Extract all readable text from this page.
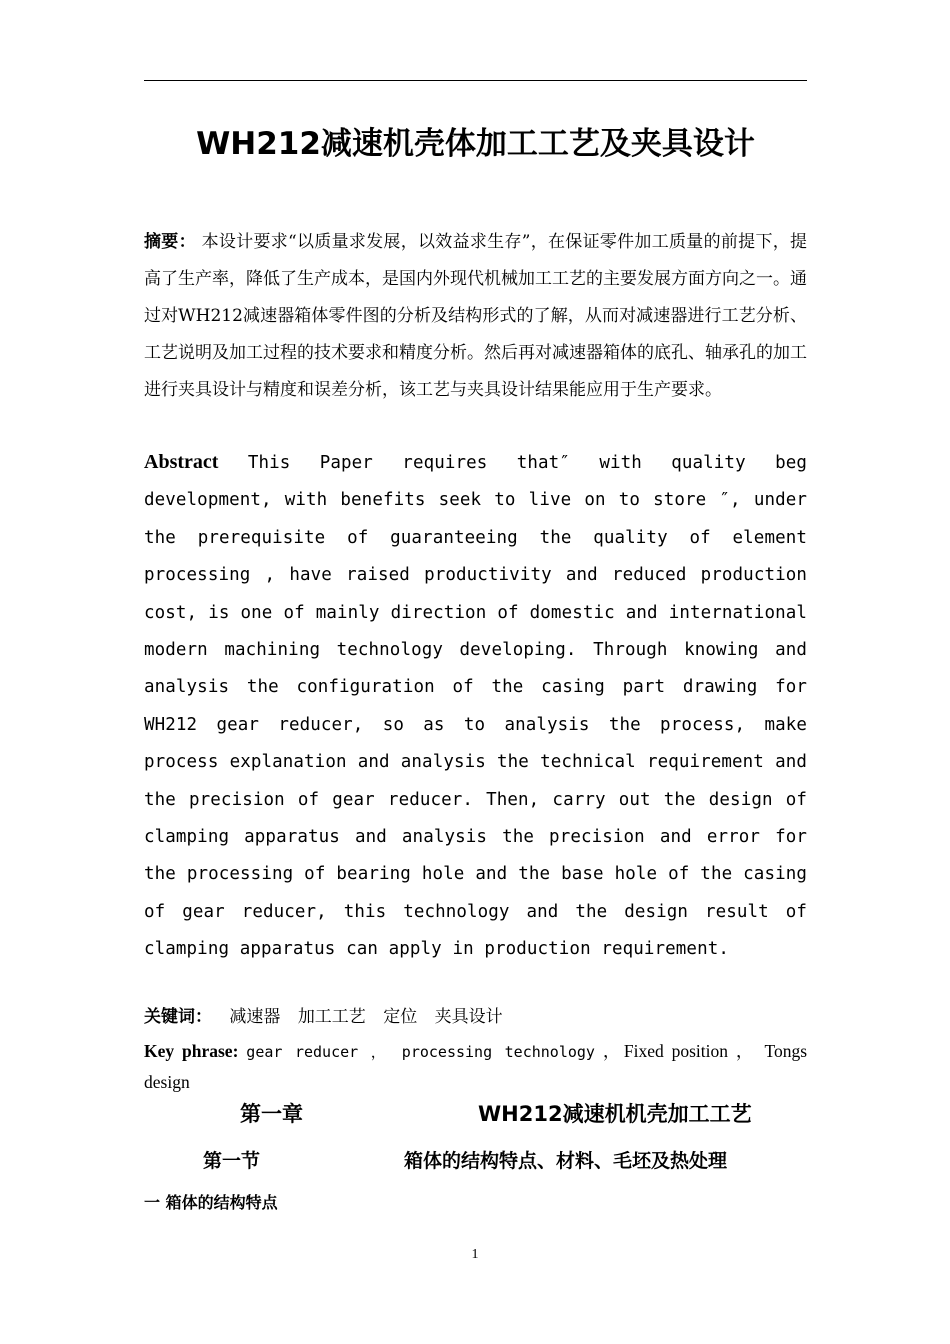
WH212减速机壳体加工工艺及夹具设计
摘要： 本设计要求“以质量求发展，以效益求生存”，在保证零件加工质量的前提下，提高了生产率，降低了生产成本，是国内外现代机械加工工艺的主要发展方面方向之一。通过对WH212减速器箱体零件图的分析及结构形式的了解，从而对减速器进行工艺分析、工艺说明及加工过程的技术要求和精度分析。然后再对减速器箱体的底孔、轴承孔的加工进行夹具设计与精度和误差分析，该工艺与夹具设计结果能应用于生产要求。
Abstract This Paper requires that″ with quality beg development, with benefits seek to live on to store ″, under the prerequisite of guaranteeing the quality of element processing , have raised productivity and reduced production cost, is one of mainly direction of domestic and international modern machining technology developing. Through knowing and analysis the configuration of the casing part drawing for WH212 gear reducer, so as to analysis the process, make process explanation and analysis the technical requirement and the precision of gear reducer. Then, carry out the design of clamping apparatus and analysis the precision and error for the processing of bearing hole and the base hole of the casing of gear reducer, this technology and the design result of clamping apparatus can apply in production requirement.
关键词： 减速器 加工工艺 定位 夹具设计
Key phrase: gear reducer ， processing technology ，Fixed position ， Tongs design
第一章	WH212减速机机壳加工工艺
第一节	箱体的结构特点、材料、毛坯及热处理
一 箱体的结构特点
1
